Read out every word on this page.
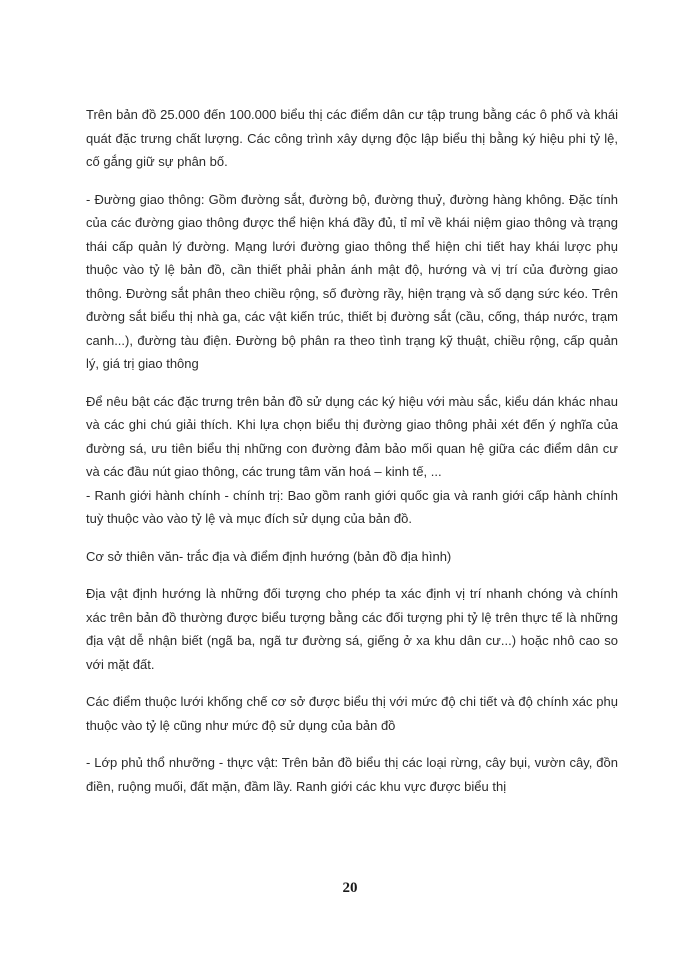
Trên bản đồ 25.000 đến 100.000 biểu thị các điểm dân cư tập trung bằng các ô phố và khái quát đặc trưng chất lượng. Các công trình xây dựng độc lập biểu thị bằng ký hiệu phi tỷ lệ, cố gắng giữ sự phân bố.

- Đường giao thông: Gồm đường sắt, đường bộ, đường thuỷ, đường hàng không. Đặc tính của các đường giao thông được thể hiện khá đầy đủ, tỉ mỉ về khái niệm giao thông và trạng thái cấp quản lý đường. Mạng lưới đường giao thông thể hiện chi tiết hay khái lược phụ thuộc vào tỷ lệ bản đồ, cần thiết phải phản ánh mật độ, hướng và vị trí của đường giao thông. Đường sắt phân theo chiều rộng, số đường rầy, hiện trạng và số dạng sức kéo. Trên đường sắt biểu thị nhà ga, các vật kiến trúc, thiết bị đường sắt (cầu, cống, tháp nước, trạm canh...), đường tàu điện. Đường bộ phân ra theo tình trạng kỹ thuật, chiều rộng, cấp quản lý, giá trị giao thông

Để nêu bật các đặc trưng trên bản đồ sử dụng các ký hiệu với màu sắc, kiểu dán khác nhau và các ghi chú giải thích. Khi lựa chọn biểu thị đường giao thông phải xét đến ý nghĩa của đường sá, ưu tiên biểu thị những con đường đảm bảo mối quan hệ giữa các điểm dân cư và các đầu nút giao thông, các trung tâm văn hoá – kinh tế, ...

- Ranh giới hành chính - chính trị: Bao gồm ranh giới quốc gia và ranh giới cấp hành chính tuỳ thuộc vào vào tỷ lệ và mục đích sử dụng của bản đồ.

Cơ sở thiên văn- trắc địa và điểm định hướng (bản đồ địa hình)

Địa vật định hướng là những đối tượng cho phép ta xác định vị trí nhanh chóng và chính xác trên bản đồ thường được biểu tượng bằng các đối tượng phi tỷ lệ trên thực tế là những địa vật dễ nhận biết (ngã ba, ngã tư đường sá, giếng ở xa khu dân cư...) hoặc nhô cao so với mặt đất.

Các điểm thuộc lưới khống chế cơ sở được biểu thị với mức độ chi tiết và độ chính xác phụ thuộc vào tỷ lệ cũng như mức độ sử dụng của bản đồ

- Lớp phủ thổ nhưỡng - thực vật: Trên bản đồ biểu thị các loại rừng, cây bụi, vườn cây, đồn điền, ruộng muối, đất mặn, đầm lầy. Ranh giới các khu vực được biểu thị

20
